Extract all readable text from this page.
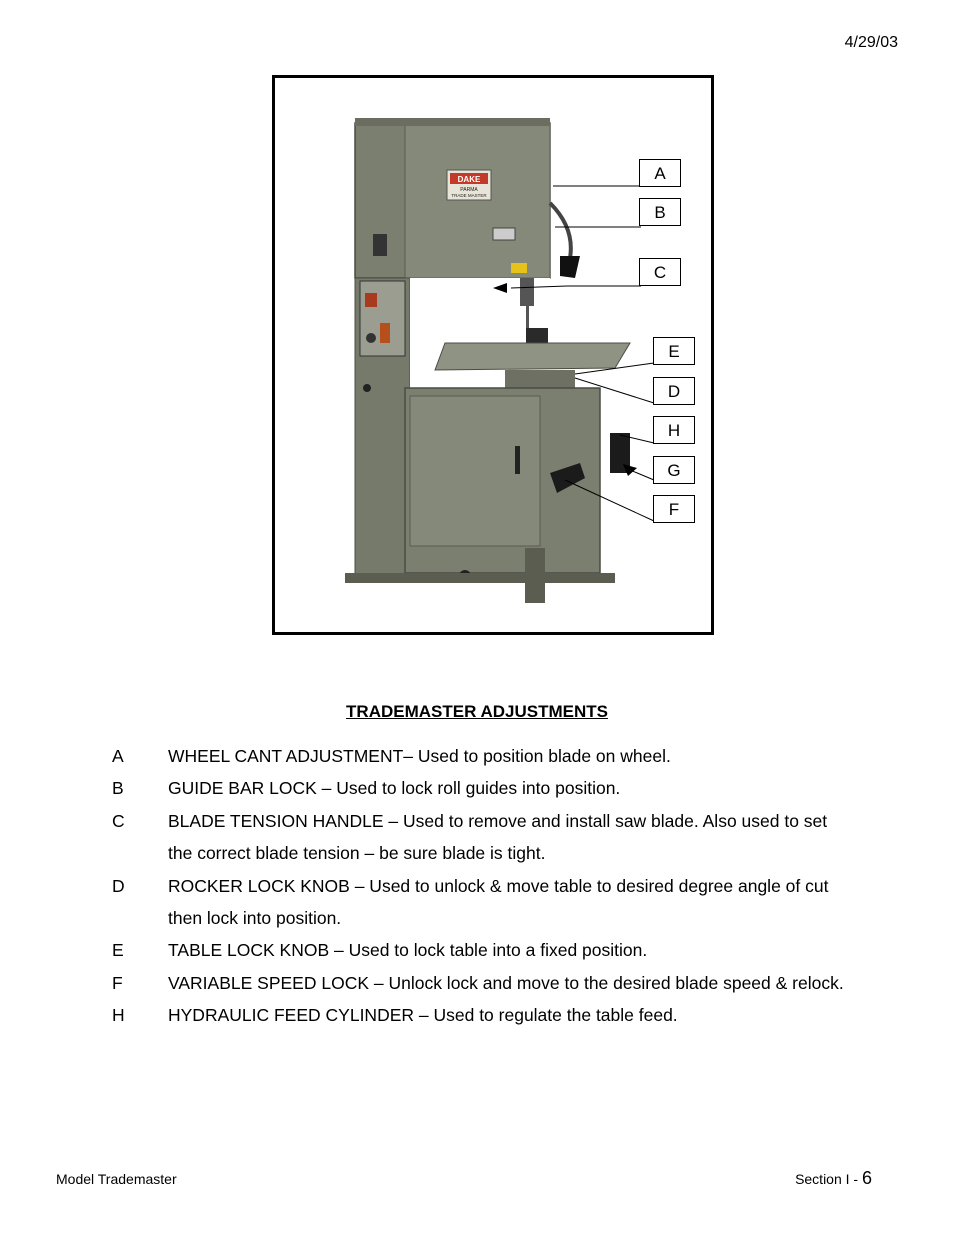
4/29/03
DAKE
PARMA
TRADE MASTER
A
B
C
E
D
H
G
F
TRADEMASTER ADJUSTMENTS
A	WHEEL CANT ADJUSTMENT– Used to position blade on wheel.
B	GUIDE BAR LOCK – Used to lock roll guides into position.
C	BLADE TENSION HANDLE – Used to remove and install saw blade. Also used to set the correct blade tension – be sure blade is tight.
D	ROCKER LOCK KNOB – Used to unlock & move table to desired degree angle of cut then lock into position.
E	TABLE LOCK KNOB – Used to lock table into a fixed position.
F	VARIABLE SPEED LOCK – Unlock lock and move to the desired blade speed & relock.
H	HYDRAULIC FEED CYLINDER – Used to regulate the table feed.
Model Trademaster	Section I - 6
